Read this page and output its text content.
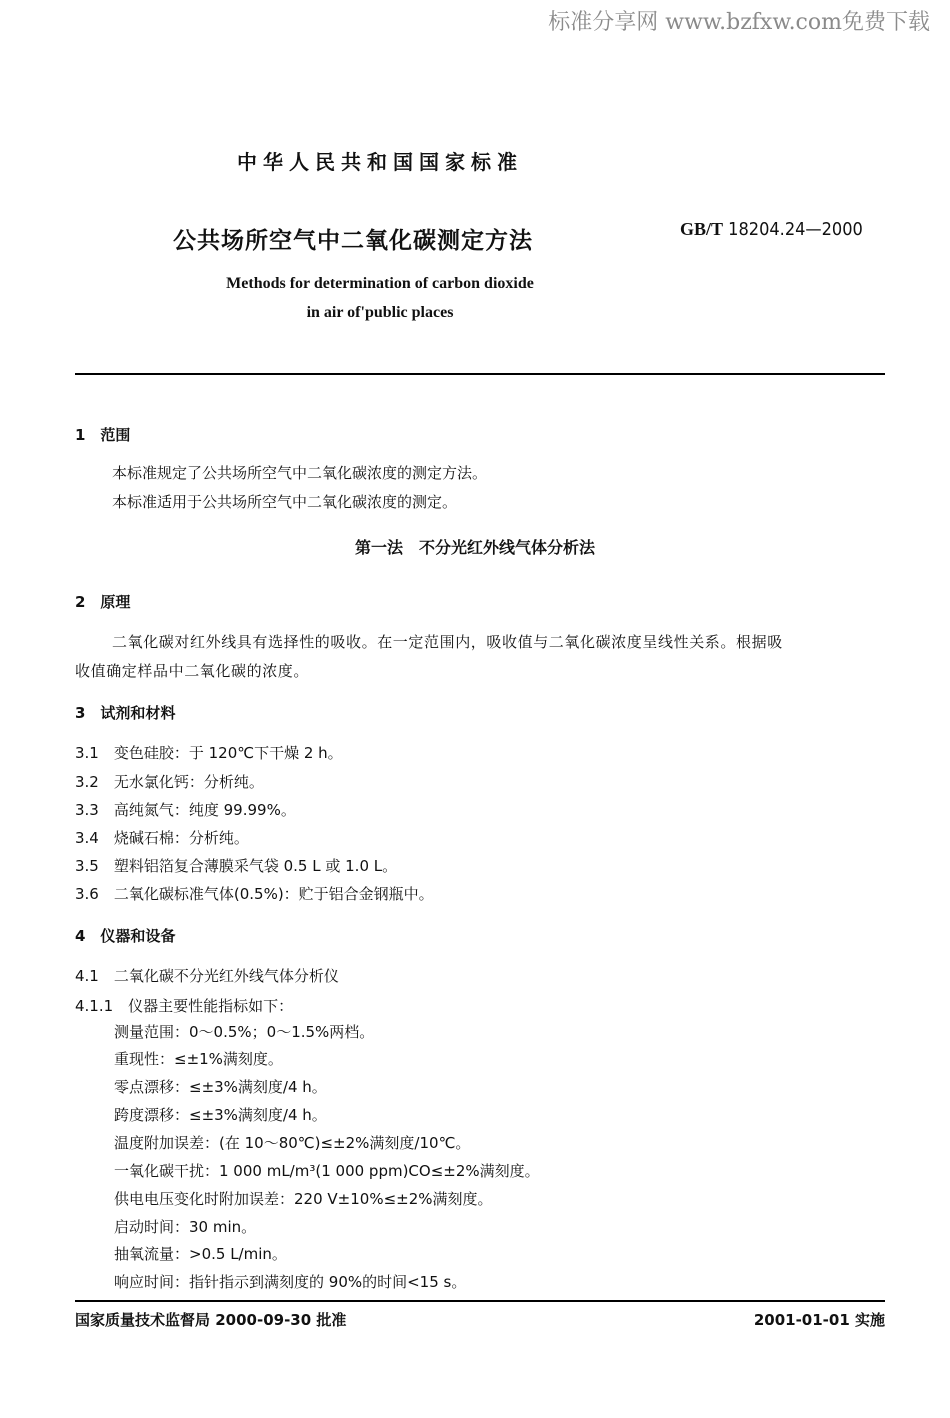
标准分享网 www.bzfxw.com免费下载
中华人民共和国国家标准
公共场所空气中二氧化碳测定方法	GB/T 18204.24—2000
Methods for determination of carbon dioxide
in air of'public places
1　范围
本标准规定了公共场所空气中二氧化碳浓度的测定方法。
本标准适用于公共场所空气中二氧化碳浓度的测定。
第一法　不分光红外线气体分析法
2　原理
二氧化碳对红外线具有选择性的吸收。在一定范围内，吸收值与二氧化碳浓度呈线性关系。根据吸
收值确定样品中二氧化碳的浓度。
3　试剂和材料
3.1　变色硅胶：于 120℃下干燥 2 h。
3.2　无水氯化钙：分析纯。
3.3　高纯氮气：纯度 99.99%。
3.4　烧碱石棉：分析纯。
3.5　塑料铝箔复合薄膜采气袋 0.5 L 或 1.0 L。
3.6　二氧化碳标准气体(0.5%)：贮于铝合金钢瓶中。
4　仪器和设备
4.1　二氧化碳不分光红外线气体分析仪
4.1.1　仪器主要性能指标如下：
测量范围：0～0.5%；0～1.5%两档。
重现性：≤±1%满刻度。
零点漂移：≤±3%满刻度/4 h。
跨度漂移：≤±3%满刻度/4 h。
温度附加误差：(在 10～80℃)≤±2%满刻度/10℃。
一氧化碳干扰：1 000 mL/m³(1 000 ppm)CO≤±2%满刻度。
供电电压变化时附加误差：220 V±10%≤±2%满刻度。
启动时间：30 min。
抽氧流量：>0.5 L/min。
响应时间：指针指示到满刻度的 90%的时间<15 s。
国家质量技术监督局 2000-09-30 批准	2001-01-01 实施
